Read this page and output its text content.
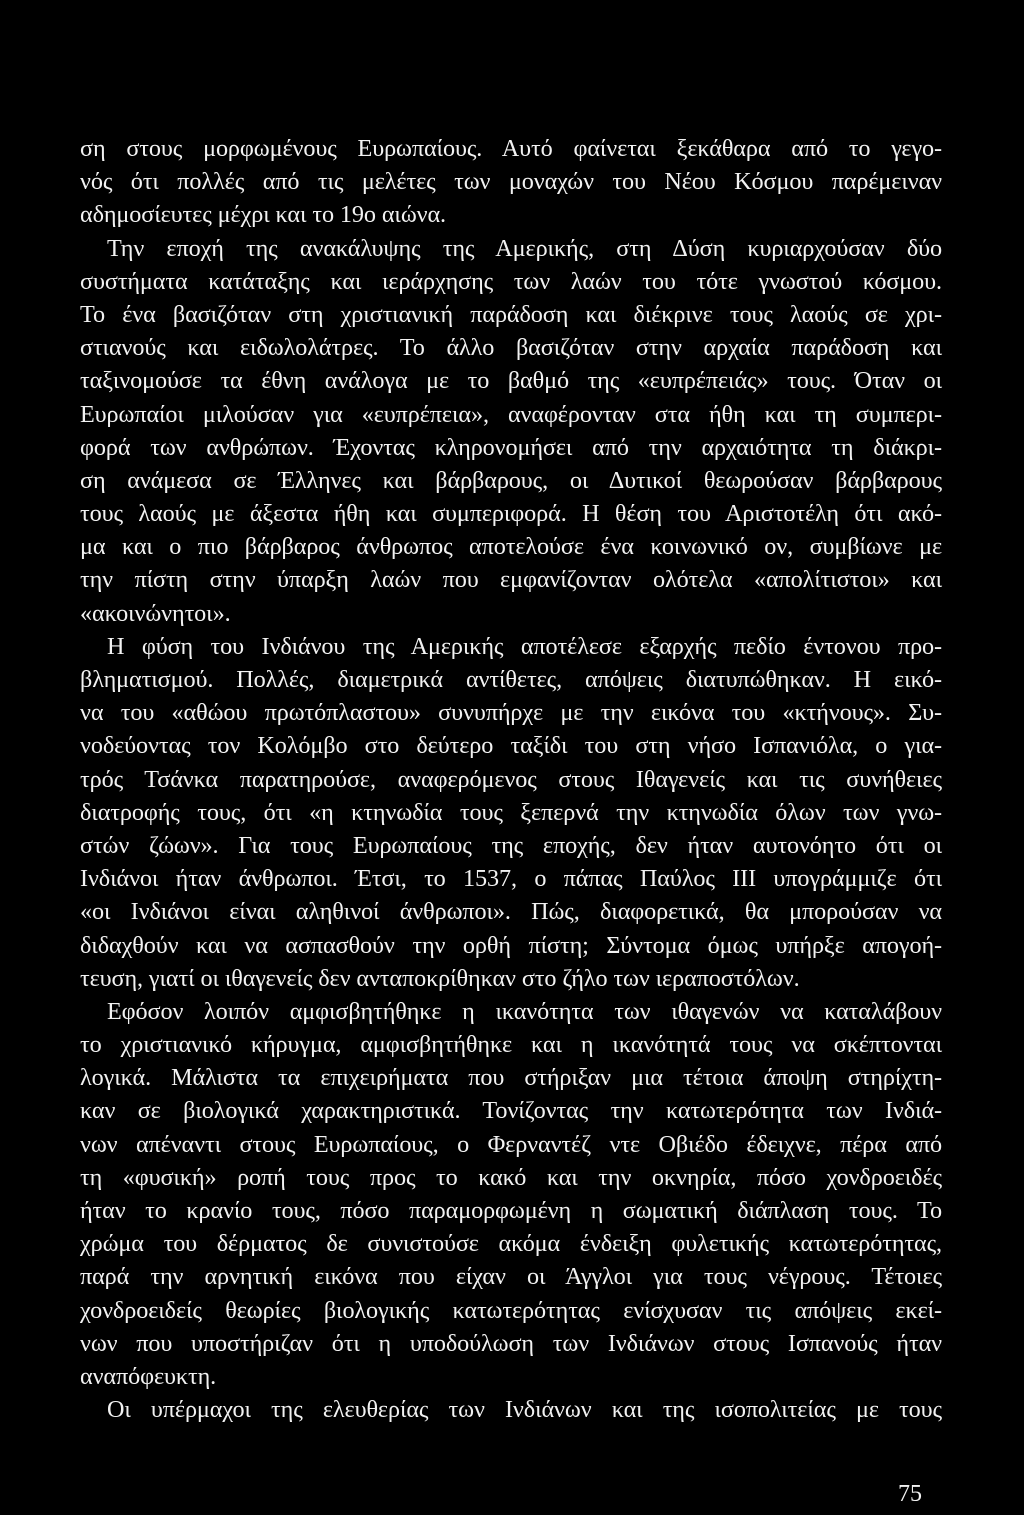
ση στους μορφωμένους Ευρωπαίους. Αυτό φαίνεται ξεκάθαρα από το γεγο-
νός ότι πολλές από τις μελέτες των μοναχών του Νέου Κόσμου παρέμειναν
αδημοσίευτες μέχρι και το 19ο αιώνα.
Την εποχή της ανακάλυψης της Αμερικής, στη Δύση κυριαρχούσαν δύο
συστήματα κατάταξης και ιεράρχησης των λαών του τότε γνωστού κόσμου.
Το ένα βασιζόταν στη χριστιανική παράδοση και διέκρινε τους λαούς σε χρι-
στιανούς και ειδωλολάτρες. Το άλλο βασιζόταν στην αρχαία παράδοση και
ταξινομούσε τα έθνη ανάλογα με το βαθμό της «ευπρέπειάς» τους. Όταν οι
Ευρωπαίοι μιλούσαν για «ευπρέπεια», αναφέρονταν στα ήθη και τη συμπερι-
φορά των ανθρώπων. Έχοντας κληρονομήσει από την αρχαιότητα τη διάκρι-
ση ανάμεσα σε Έλληνες και βάρβαρους, οι Δυτικοί θεωρούσαν βάρβαρους
τους λαούς με άξεστα ήθη και συμπεριφορά. Η θέση του Αριστοτέλη ότι ακό-
μα και ο πιο βάρβαρος άνθρωπος αποτελούσε ένα κοινωνικό ον, συμβίωνε με
την πίστη στην ύπαρξη λαών που εμφανίζονταν ολότελα «απολίτιστοι» και
«ακοινώνητοι».
Η φύση του Ινδιάνου της Αμερικής αποτέλεσε εξαρχής πεδίο έντονου προ-
βληματισμού. Πολλές, διαμετρικά αντίθετες, απόψεις διατυπώθηκαν. Η εικό-
να του «αθώου πρωτόπλαστου» συνυπήρχε με την εικόνα του «κτήνους». Συ-
νοδεύοντας τον Κολόμβο στο δεύτερο ταξίδι του στη νήσο Ισπανιόλα, ο για-
τρός Τσάνκα παρατηρούσε, αναφερόμενος στους Ιθαγενείς και τις συνήθειες
διατροφής τους, ότι «η κτηνωδία τους ξεπερνά την κτηνωδία όλων των γνω-
στών ζώων». Για τους Ευρωπαίους της εποχής, δεν ήταν αυτονόητο ότι οι
Ινδιάνοι ήταν άνθρωποι. Έτσι, το 1537, ο πάπας Παύλος ΙΙΙ υπογράμμιζε ότι
«οι Ινδιάνοι είναι αληθινοί άνθρωποι». Πώς, διαφορετικά, θα μπορούσαν να
διδαχθούν και να ασπασθούν την ορθή πίστη; Σύντομα όμως υπήρξε απογοή-
τευση, γιατί οι ιθαγενείς δεν ανταποκρίθηκαν στο ζήλο των ιεραποστόλων.
Εφόσον λοιπόν αμφισβητήθηκε η ικανότητα των ιθαγενών να καταλάβουν
το χριστιανικό κήρυγμα, αμφισβητήθηκε και η ικανότητά τους να σκέπτονται
λογικά. Μάλιστα τα επιχειρήματα που στήριξαν μια τέτοια άποψη στηρίχτη-
καν σε βιολογικά χαρακτηριστικά. Τονίζοντας την κατωτερότητα των Ινδιά-
νων απέναντι στους Ευρωπαίους, ο Φερναντέζ ντε Οβιέδο έδειχνε, πέρα από
τη «φυσική» ροπή τους προς το κακό και την οκνηρία, πόσο χονδροειδές
ήταν το κρανίο τους, πόσο παραμορφωμένη η σωματική διάπλαση τους. Το
χρώμα του δέρματος δε συνιστούσε ακόμα ένδειξη φυλετικής κατωτερότητας,
παρά την αρνητική εικόνα που είχαν οι Άγγλοι για τους νέγρους. Τέτοιες
χονδροειδείς θεωρίες βιολογικής κατωτερότητας ενίσχυσαν τις απόψεις εκεί-
νων που υποστήριζαν ότι η υποδούλωση των Ινδιάνων στους Ισπανούς ήταν
αναπόφευκτη.
Οι υπέρμαχοι της ελευθερίας των Ινδιάνων και της ισοπολιτείας με τους
75
